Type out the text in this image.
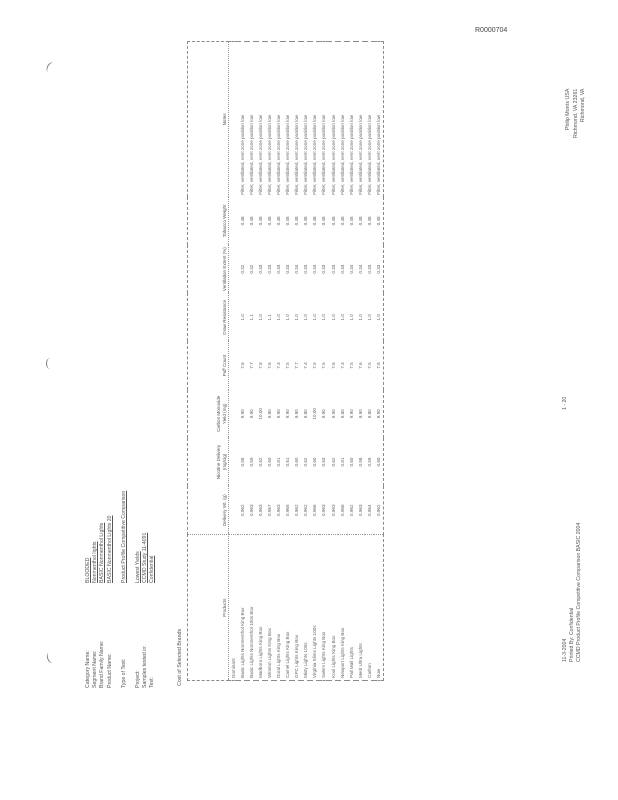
R0000704
Category Name:
BLOODED
Segment Name:
Nonmenthol lights
Brand Family Name:
BASIC Nonmenthol Lights
Product Name:
BASIC Nonmenthol Lights 20
Type of Test:
Product Profile Competitive Comparison
Project:
Lowest Yields
Samples tested in:
CCMD Study 11-4091
Test:
Confidential
Cost of Selected Brands
Products	Delivery Wt. (g)	Nicotine Delivery (mg/cig)	Carbon Monoxide Yield (mg)	Puff Count	Draw Resistance	Ventilation Extent (%)	Tobacco Weight	Notes
Dominant								
Basic Lights Nonmenthol King Box	0.962	0.58	9.90	7.6	1.0	0.32	0.48	Filter, ventilated, vent zone position low
Basic Lights Nonmenthol 100s Box	0.963	0.59	9.90	7.7	1.1	0.32	0.48	Filter, ventilated, vent zone position low
Marlboro Lights King Box	0.963	0.62	10.00	7.8	1.0	0.33	0.48	Filter, ventilated, vent zone position low
Winston Lights King Box	0.967	0.60	9.80	7.6	1.1	0.33	0.48	Filter, ventilated, vent zone position low
Doral Lights King Box	0.963	0.61	9.90	7.4	1.0	0.33	0.48	Filter, ventilated, vent zone position low
Camel Lights King Box	0.965	0.61	9.90	7.5	1.0	0.33	0.48	Filter, ventilated, vent zone position low
GPC Lights King Box	0.962	0.60	9.80	7.7	1.0	0.34	0.48	Filter, ventilated, vent zone position low
Misty Lights 100s	0.962	0.62	9.80	7.4	1.0	0.33	0.48	Filter, ventilated, vent zone position low
Virginia Slims Lights 100s	0.966	0.60	10.00	7.5	1.0	0.34	0.48	Filter, ventilated, vent zone position low
Salem Lights King Box	0.963	0.63	9.90	7.5	1.0	0.33	0.48	Filter, ventilated, vent zone position low
Kool Lights King Box	0.963	0.62	9.90	7.6	1.0	0.33	0.48	Filter, ventilated, vent zone position low
Newport Lights King Box	0.966	0.61	9.80	7.4	1.0	0.33	0.48	Filter, ventilated, vent zone position low
Pall Mall Lights	0.962	0.60	9.90	7.5	1.0	0.34	0.48	Filter, ventilated, vent zone position low
Merit Ultra Lights	0.963	0.58	9.90	7.6	1.0	0.34	0.48	Filter, ventilated, vent zone position low
Carlton	0.964	0.59	9.80	7.5	1.0	0.33	0.48	Filter, ventilated, vent zone position low
Now	0.962	0.60	9.90	7.6	1.0	0.33	0.48	Filter, ventilated, vent zone position low
11-3-2004 Printed By: Confidential CCMD Product Profile Competitive Comparison BASIC 2004
1 - 20
Philip Morris USA Richmond, VA 23261 Richmond, VA
